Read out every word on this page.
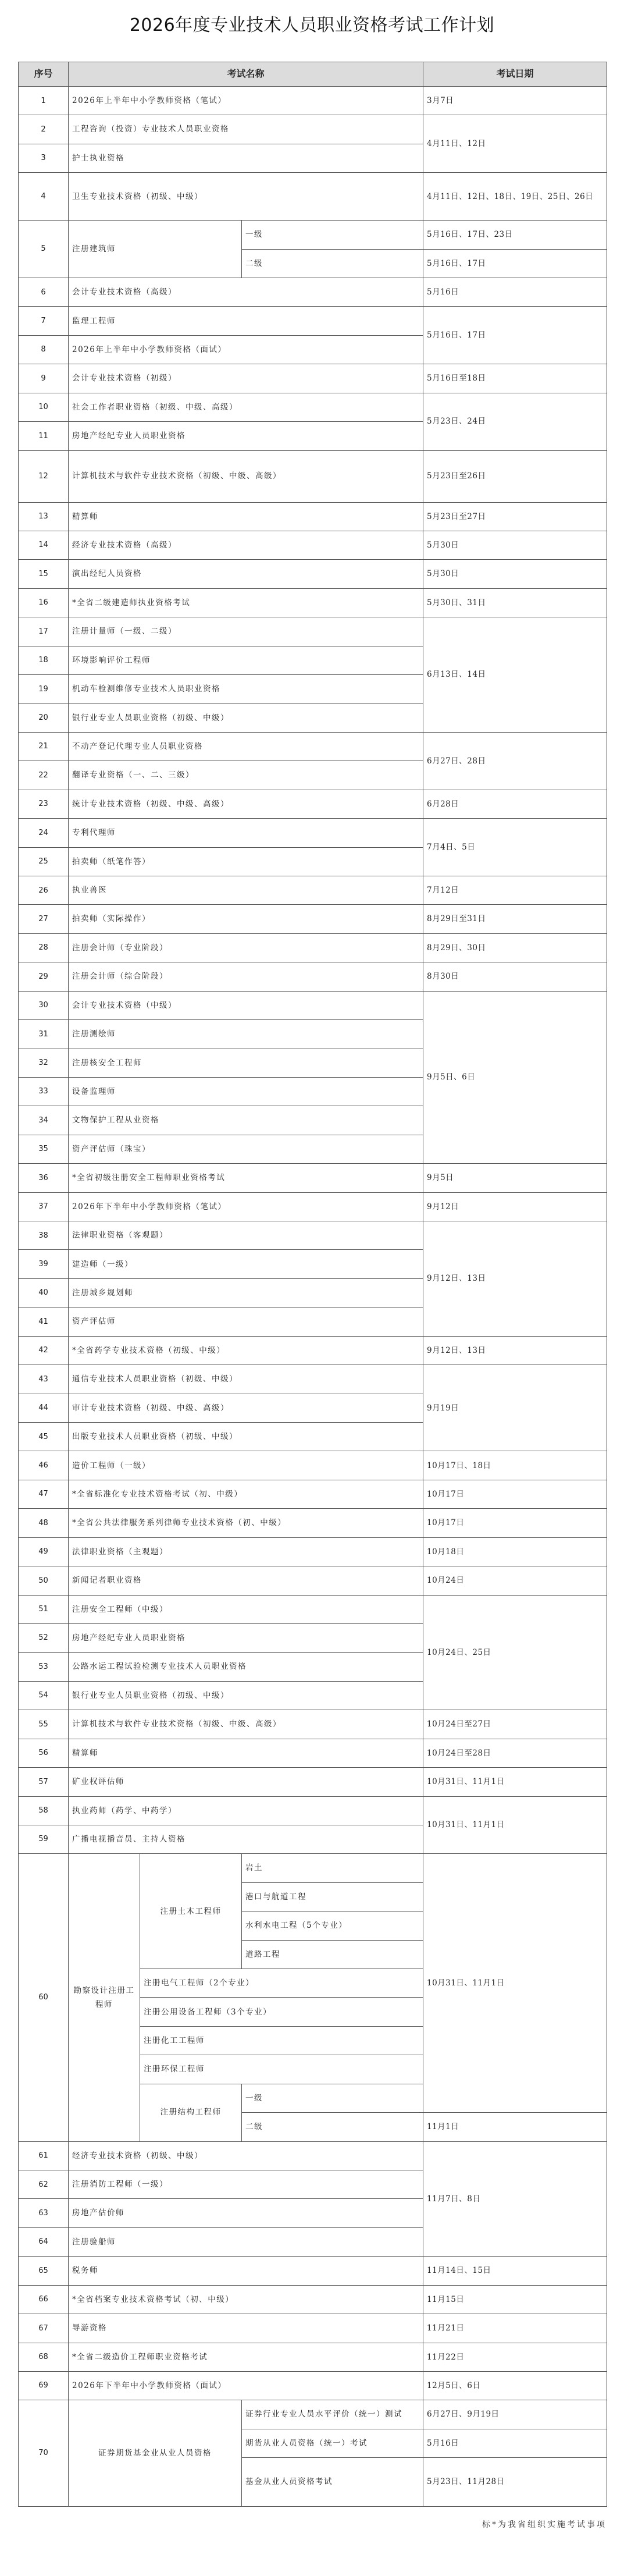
2026年度专业技术人员职业资格考试工作计划
序号	考试名称			考试日期
1	2026年上半年中小学教师资格（笔试）			3月7日
2	工程咨询（投资）专业技术人员职业资格			4月11日、12日
3	护士执业资格			
4	卫生专业技术资格（初级、中级）			4月11日、12日、18日、19日、25日、26日
5	注册建筑师		一级	5月16日、17日、23日
			二级	5月16日、17日
6	会计专业技术资格（高级）			5月16日
7	监理工程师			5月16日、17日
8	2026年上半年中小学教师资格（面试）			
9	会计专业技术资格（初级）			5月16日至18日
10	社会工作者职业资格（初级、中级、高级）			5月23日、24日
11	房地产经纪专业人员职业资格			
12	计算机技术与软件专业技术资格（初级、中级、高级）			5月23日至26日
13	精算师			5月23日至27日
14	经济专业技术资格（高级）			5月30日
15	演出经纪人员资格			5月30日
16	*全省二级建造师执业资格考试			5月30日、31日
17	注册计量师（一级、二级）			6月13日、14日
18	环境影响评价工程师			
19	机动车检测维修专业技术人员职业资格			
20	银行业专业人员职业资格（初级、中级）			
21	不动产登记代理专业人员职业资格			6月27日、28日
22	翻译专业资格（一、二、三级）			
23	统计专业技术资格（初级、中级、高级）			6月28日
24	专利代理师			7月4日、5日
25	拍卖师（纸笔作答）			
26	执业兽医			7月12日
27	拍卖师（实际操作）			8月29日至31日
28	注册会计师（专业阶段）			8月29日、30日
29	注册会计师（综合阶段）			8月30日
30	会计专业技术资格（中级）			9月5日、6日
31	注册测绘师			
32	注册核安全工程师			
33	设备监理师			
34	文物保护工程从业资格			
35	资产评估师（珠宝）			
36	*全省初级注册安全工程师职业资格考试			9月5日
37	2026年下半年中小学教师资格（笔试）			9月12日
38	法律职业资格（客观题）			9月12日、13日
39	建造师（一级）			
40	注册城乡规划师			
41	资产评估师			
42	*全省药学专业技术资格（初级、中级）			9月12日、13日
43	通信专业技术人员职业资格（初级、中级）			9月19日
44	审计专业技术资格（初级、中级、高级）			
45	出版专业技术人员职业资格（初级、中级）			
46	造价工程师（一级）			10月17日、18日
47	*全省标准化专业技术资格考试（初、中级）			10月17日
48	*全省公共法律服务系列律师专业技术资格（初、中级）			10月17日
49	法律职业资格（主观题）			10月18日
50	新闻记者职业资格			10月24日
51	注册安全工程师（中级）			10月24日、25日
52	房地产经纪专业人员职业资格			
53	公路水运工程试验检测专业技术人员职业资格			
54	银行业专业人员职业资格（初级、中级）			
55	计算机技术与软件专业技术资格（初级、中级、高级）			10月24日至27日
56	精算师			10月24日至28日
57	矿业权评估师			10月31日、11月1日
58	执业药师（药学、中药学）			10月31日、11月1日
59	广播电视播音员、主持人资格			
60	勘察设计注册工程师	注册土木工程师	岩土	10月31日、11月1日
			港口与航道工程	
			水利水电工程（5个专业）	
			道路工程	
		注册电气工程师（2个专业）		
		注册公用设备工程师（3个专业）		
		注册化工工程师		
		注册环保工程师		
		注册结构工程师	一级	
			二级	11月1日
61	经济专业技术资格（初级、中级）			11月7日、8日
62	注册消防工程师（一级）			
63	房地产估价师			
64	注册验船师			
65	税务师			11月14日、15日
66	*全省档案专业技术资格考试（初、中级）			11月15日
67	导游资格			11月21日
68	*全省二级造价工程师职业资格考试			11月22日
69	2026年下半年中小学教师资格（面试）			12月5日、6日
70	证券期货基金业从业人员资格		证券行业专业人员水平评价（统一）测试	6月27日、9月19日
			期货从业人员资格（统一）考试	5月16日
			基金从业人员资格考试	5月23日、11月28日
标*为我省组织实施考试事项
